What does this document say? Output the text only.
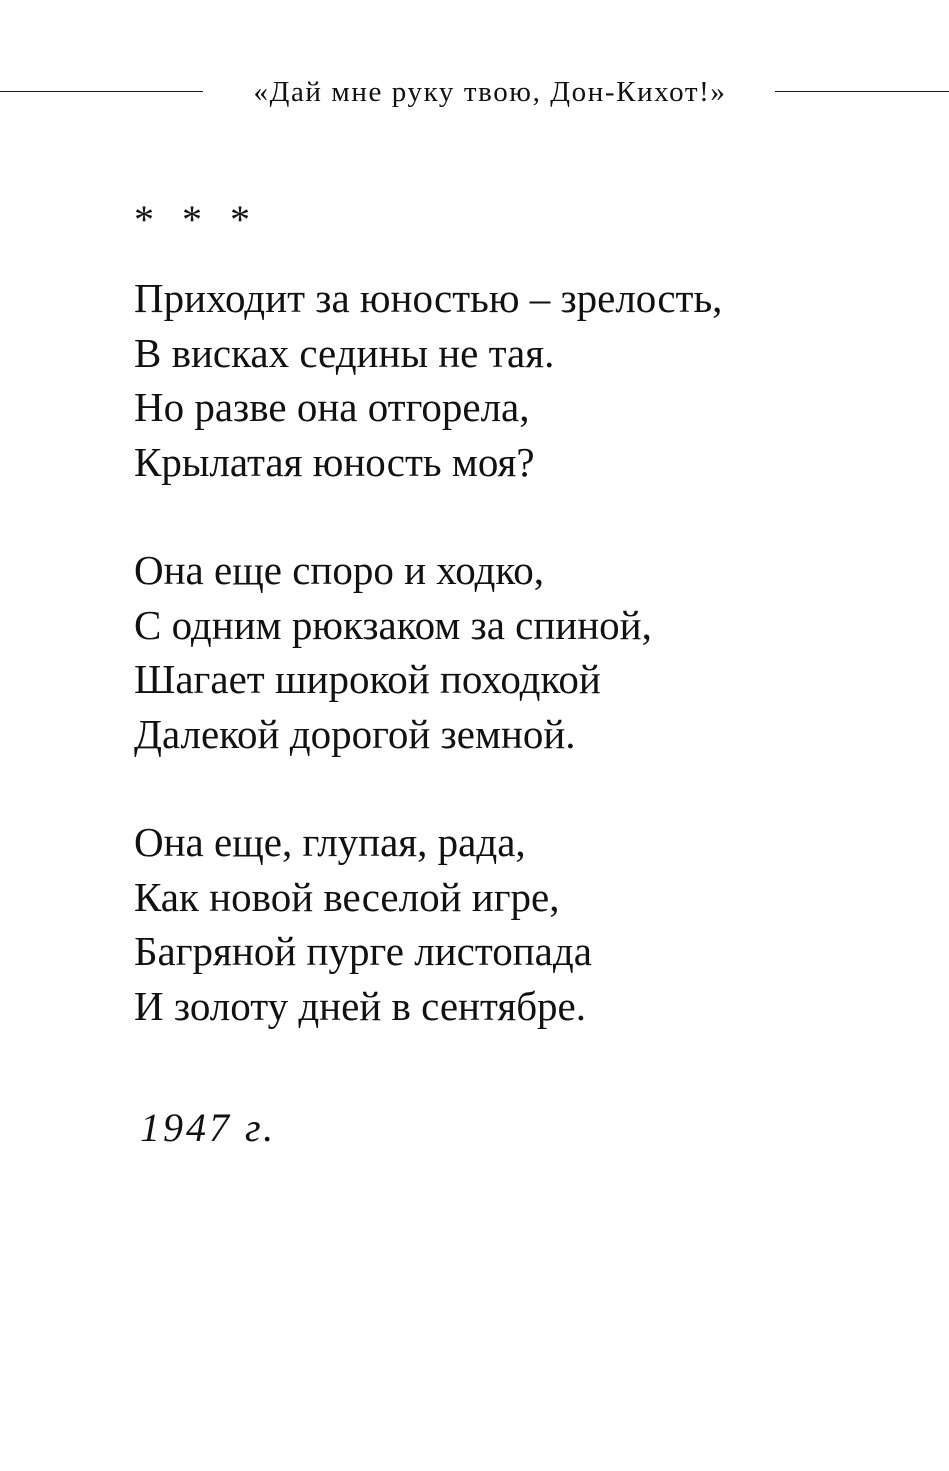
«Дай мне руку твою, Дон-Кихот!»
* * *
Приходит за юностью – зрелость,
В висках седины не тая.
Но разве она отгорела,
Крылатая юность моя?
Она еще споро и ходко,
С одним рюкзаком за спиной,
Шагает широкой походкой
Далекой дорогой земной.
Она еще, глупая, рада,
Как новой веселой игре,
Багряной пурге листопада
И золоту дней в сентябре.
1947 г.
